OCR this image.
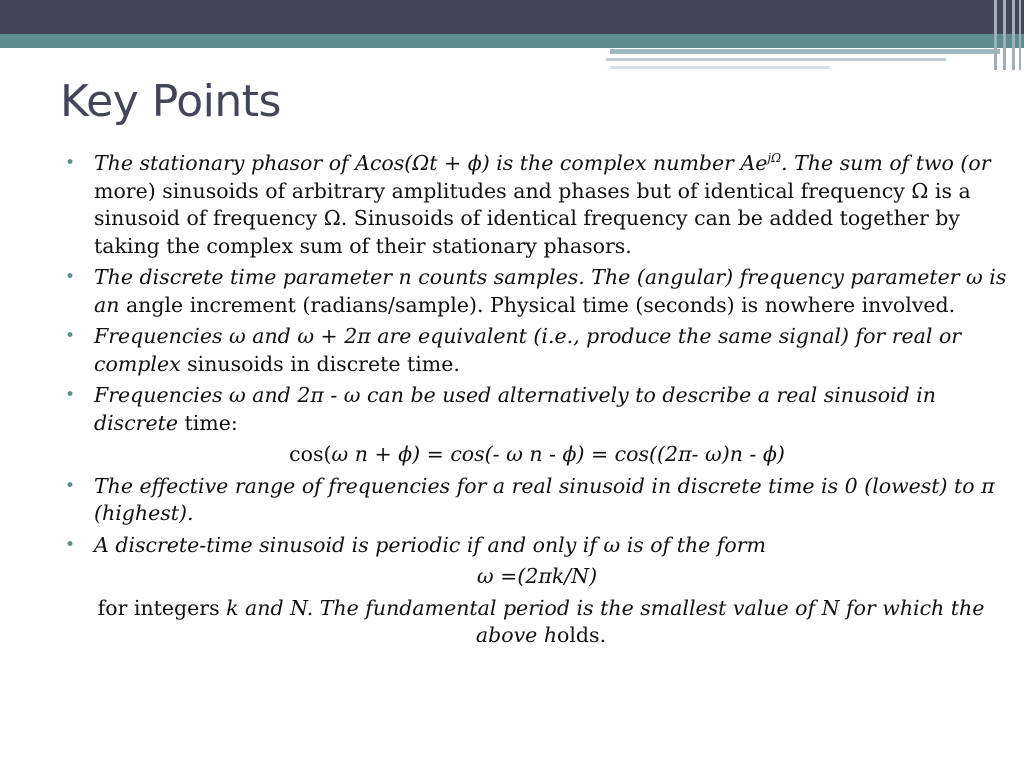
Key Points
• The stationary phasor of Acos(Ωt + ϕ) is the complex number $Ae^{j\Omega}$. The sum of two (or more) sinusoids of arbitrary amplitudes and phases but of identical frequency Ω is a sinusoid of frequency Ω. Sinusoids of identical frequency can be added together by taking the complex sum of their stationary phasors.
• The discrete time parameter n counts samples. The (angular) frequency parameter ω is an angle increment (radians/sample). Physical time (seconds) is nowhere involved.
• Frequencies ω and ω + 2π are equivalent (i.e., produce the same signal) for real or complex sinusoids in discrete time.
• Frequencies ω and 2π - ω can be used alternatively to describe a real sinusoid in discrete time:
cos(ω n + ϕ) = cos(- ω n - ϕ) = cos((2π- ω)n - ϕ)
• The effective range of frequencies for a real sinusoid in discrete time is 0 (lowest) to π (highest).
• A discrete-time sinusoid is periodic if and only if ω is of the form
ω =(2πk/N)
for integers k and N. The fundamental period is the smallest value of N for which the above holds.
